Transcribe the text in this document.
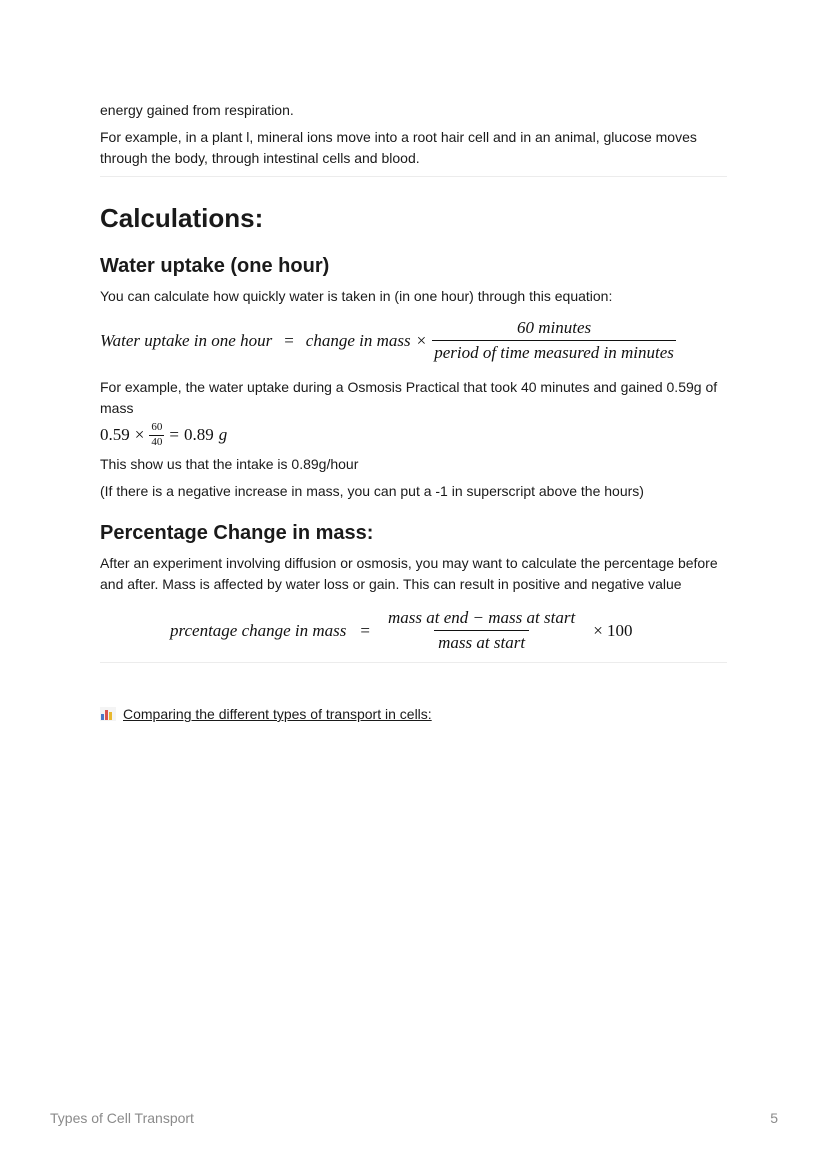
energy gained from respiration.

For example, in a plant l, mineral ions move into a root hair cell and in an animal, glucose moves through the body, through intestinal cells and blood.

Calculations:
Water uptake (one hour)

You can calculate how quickly water is taken in (in one hour) through this equation:

Water uptake in one hour = change in mass × $\frac{\text{60 minutes}}{\text{period of time measured in minutes}}$

For example, the water uptake during a Osmosis Practical that took 40 minutes and gained 0.59g of mass

$0.59 \times \frac{60}{40} = 0.89$ g

This show us that the intake is 0.89g/hour

(If there is a negative increase in mass, you can put a -1 in superscript above the hours)

Percentage Change in mass:

After an experiment involving diffusion or osmosis, you may want to calculate the percentage before and after. Mass is affected by water loss or gain. This can result in positive and negative value

prcentage change in mass = $\frac{\text{mass at end − mass at start}}{\text{mass at start}} \times 100$
Comparing the different types of transport in cells:
Types of Cell Transport	5
